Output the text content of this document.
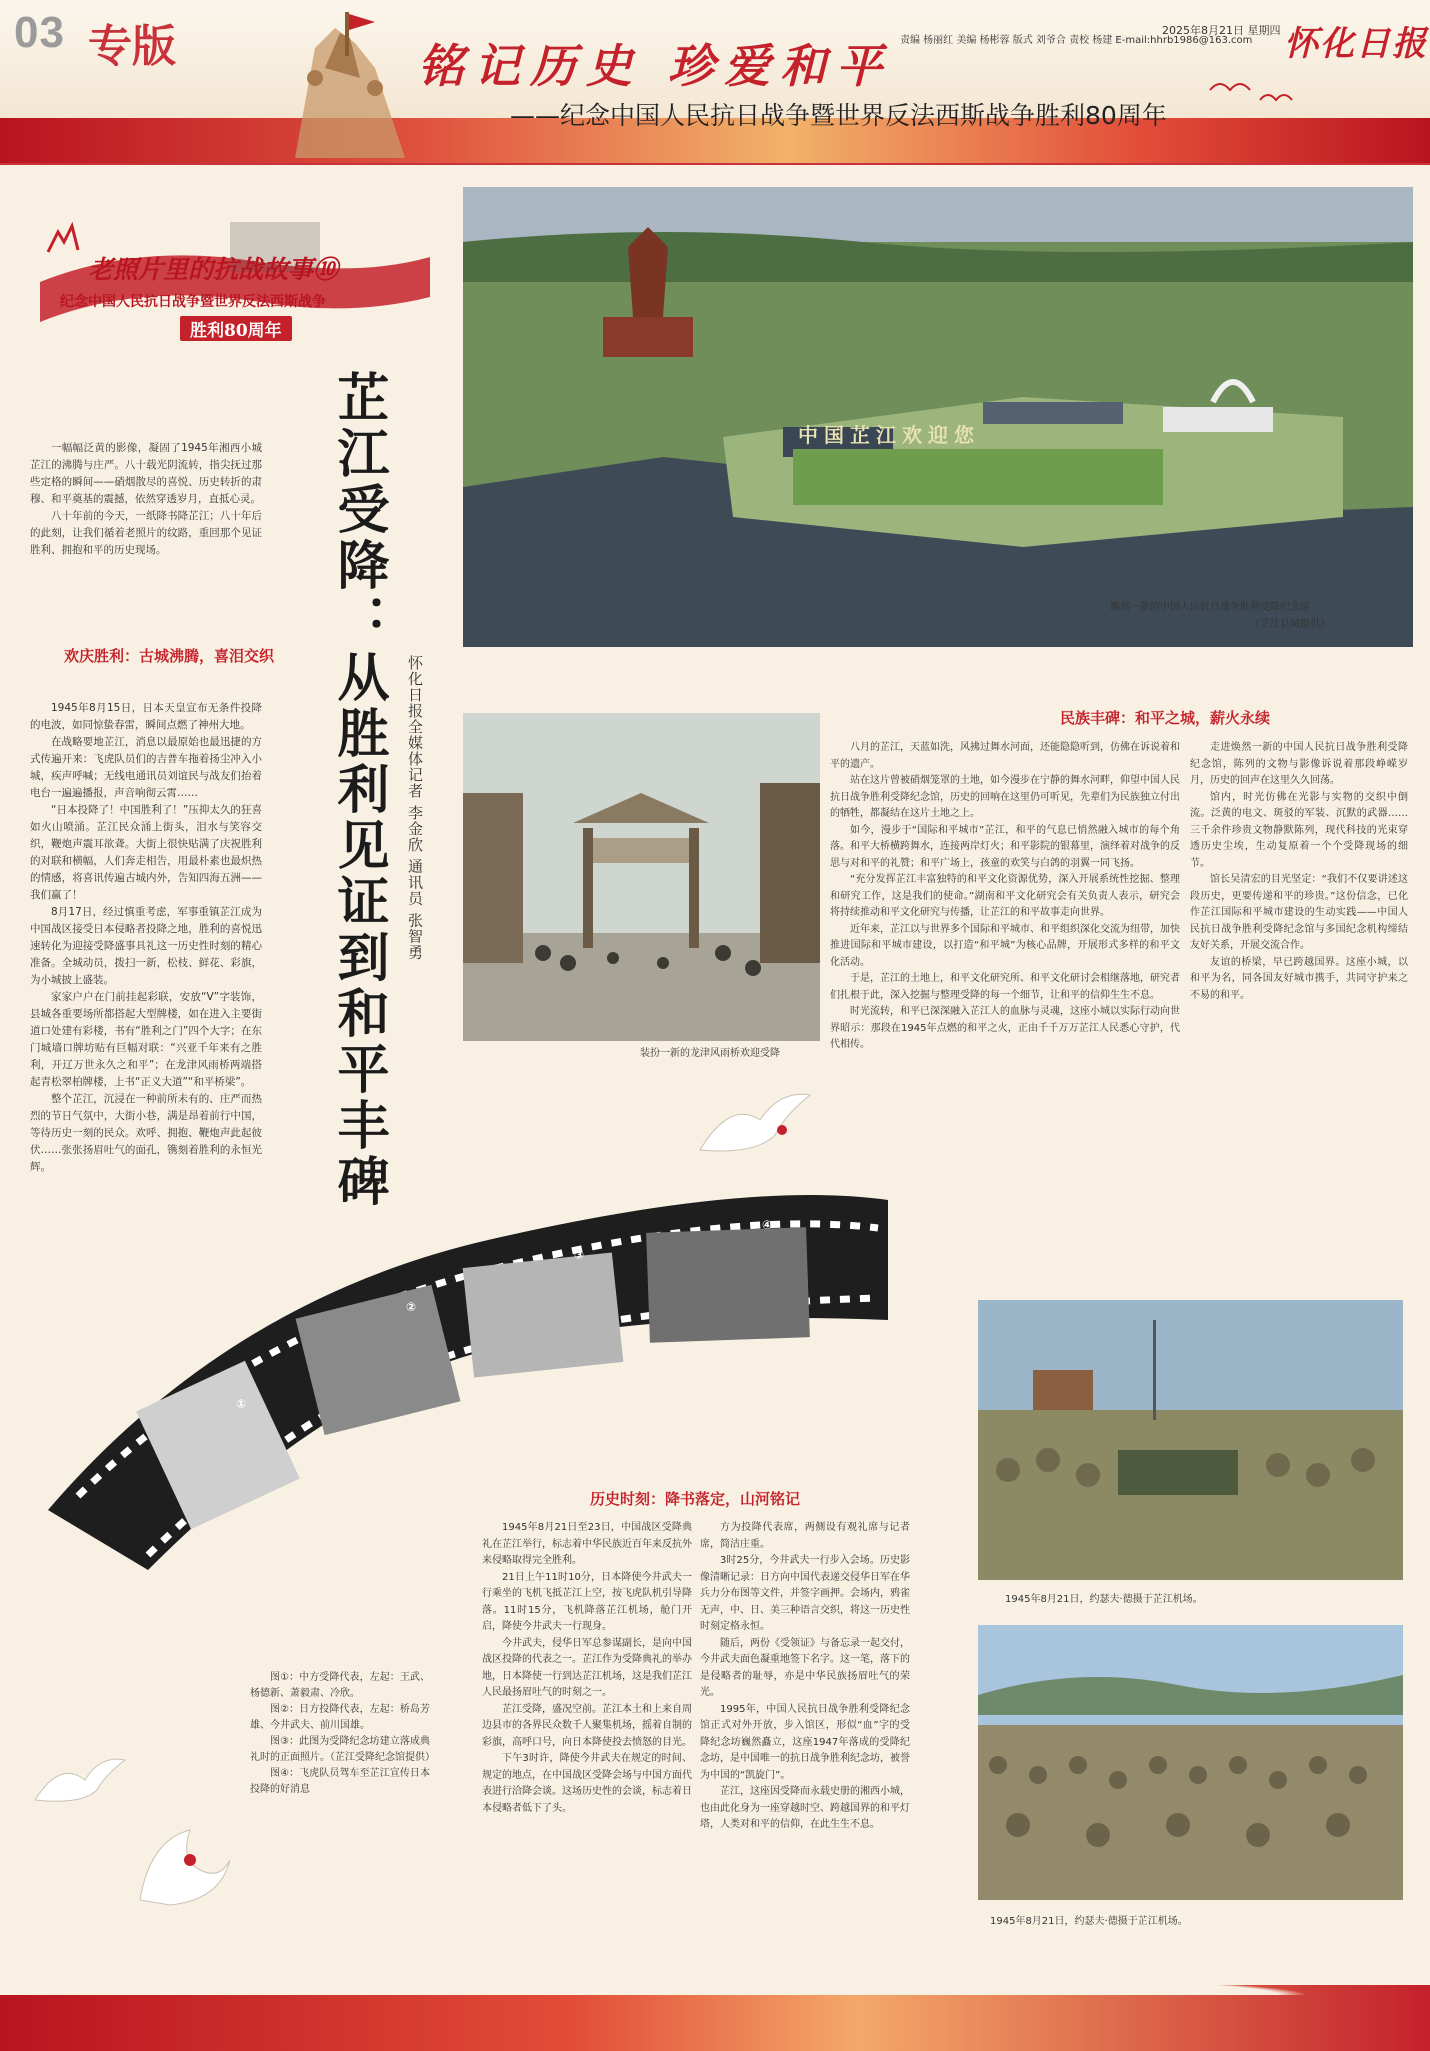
03 专版	铭记历史 珍爱和平
——纪念中国人民抗日战争暨世界反法西斯战争胜利80周年
2025年8月21日 星期四
责编 杨丽红 美编 杨彬蓉 版式 刘爷合 责校 杨建 E-mail:hhrb1986@163.com 怀化日报
老照片里的抗战故事⑩
纪念中国人民抗日战争暨世界反法西斯战争
胜利80周年
芷江受降：从胜利见证到和平丰碑	怀化日报全媒体记者 李金欣 通讯员 张智勇

一幅幅泛黄的影像，凝固了1945年湘西小城芷江的沸腾与庄严。八十载光阴流转，指尖抚过那些定格的瞬间——硝烟散尽的喜悦、历史转折的肃穆、和平奠基的震撼，依然穿透岁月，直抵心灵。

八十年前的今天，一纸降书降芷江；八十年后的此刻，让我们循着老照片的纹路，重回那个见证胜利、拥抱和平的历史现场。

欢庆胜利：古城沸腾，喜泪交织

1945年8月15日，日本天皇宣布无条件投降的电波，如同惊蛰春雷，瞬间点燃了神州大地。

在战略要地芷江，消息以最原始也最迅捷的方式传遍开来：飞虎队员们的吉普车拖着扬尘冲入小城，疾声呼喊；无线电通讯员刘谊民与战友们抬着电台一遍遍播报，声音响彻云霄……

“日本投降了！中国胜利了！”压抑太久的狂喜如火山喷涌。芷江民众涌上街头，泪水与笑容交织，鞭炮声震耳欲聋。大街上很快贴满了庆祝胜利的对联和横幅，人们奔走相告，用最朴素也最炽热的情感，将喜讯传遍古城内外，告知四海五洲——我们赢了！

8月17日，经过慎重考虑，军事重镇芷江成为中国战区接受日本侵略者投降之地，胜利的喜悦迅速转化为迎接受降盛事具礼这一历史性时刻的精心准备。全城动员，拨扫一新，松枝、鲜花、彩旗，为小城披上盛装。

家家户户在门前挂起彩联，安放“V”字装饰，县城各重要场所都搭起大型牌楼，如在进入主要街道口处建有彩楼，书有“胜利之门”四个大字；在东门城墙口牌坊贴有巨幅对联：“兴亚千年来有之胜利，开辽万世永久之和平”；在龙津风雨桥两端搭起青松翠柏牌楼，上书“正义大道”“和平桥梁”。

整个芷江，沉浸在一种前所未有的、庄严而热烈的节日气氛中，大街小巷，满是昂着前行中国，等待历史一刻的民众。欢呼、拥抱、鞭炮声此起彼伏……张张扬眉吐气的面孔，镌刻着胜利的永恒光辉。

中国芷江欢迎您
焕然一新的中国人民抗日战争胜利受降纪念馆
（芷江县城提供）
装扮一新的龙津风雨桥欢迎受降
民族丰碑：和平之城，薪火永续

八月的芷江，天蓝如洗，风拂过舞水河面，还能隐隐听到，仿佛在诉说着和平的遗产。

站在这片曾被硝烟笼罩的土地，如今漫步在宁静的舞水河畔，仰望中国人民抗日战争胜利受降纪念馆，历史的回响在这里仍可听见，先辈们为民族独立付出的牺牲，都凝结在这片土地之上。

如今，漫步于“国际和平城市”芷江，和平的气息已悄然融入城市的每个角落。和平大桥横跨舞水，连接两岸灯火；和平影院的银幕里，演绎着对战争的反思与对和平的礼赞；和平广场上，孩童的欢笑与白鸽的羽翼一同飞扬。

“充分发挥芷江丰富独特的和平文化资源优势，深入开展系统性挖掘、整理和研究工作，这是我们的使命。”湖南和平文化研究会有关负责人表示，研究会将持续推动和平文化研究与传播，让芷江的和平故事走向世界。

近年来，芷江以与世界多个国际和平城市、和平组织深化交流为纽带，加快推进国际和平城市建设，以打造“和平城”为核心品牌，开展形式多样的和平文化活动。

于是，芷江的土地上，和平文化研究所、和平文化研讨会相继落地，研究者们扎根于此，深入挖掘与整理受降的每一个细节，让和平的信仰生生不息。

时光流转，和平已深深融入芷江人的血脉与灵魂，这座小城以实际行动向世界昭示：那段在1945年点燃的和平之火，正由千千万万芷江人民悉心守护，代代相传。

走进焕然一新的中国人民抗日战争胜利受降纪念馆，陈列的文物与影像诉说着那段峥嵘岁月，历史的回声在这里久久回荡。

馆内，时光仿佛在光影与实物的交织中倒流。泛黄的电文、斑驳的军装、沉默的武器……三千余件珍贵文物静默陈列，现代科技的光束穿透历史尘埃，生动复原着一个个受降现场的细节。

馆长吴清宏的目光坚定：“我们不仅要讲述这段历史，更要传递和平的珍贵。”这份信念，已化作芷江国际和平城市建设的生动实践——中国人民抗日战争胜利受降纪念馆与多国纪念机构缔结友好关系，开展交流合作。

友谊的桥梁，早已跨越国界。这座小城，以和平为名，同各国友好城市携手，共同守护来之不易的和平。

①
②
③
④

图①：中方受降代表，左起：王武、杨德新、萧毅肃、冷欣。

图②：日方投降代表，左起：桥岛芳雄、今井武夫、前川国雄。

图③：此图为受降纪念坊建立落成典礼时的正面照片。（芷江受降纪念馆提供）

图④：飞虎队员驾车至芷江宣传日本投降的好消息

历史时刻：降书落定，山河铭记

1945年8月21日至23日，中国战区受降典礼在芷江举行，标志着中华民族近百年来反抗外来侵略取得完全胜利。

21日上午11时10分，日本降使今井武夫一行乘坐的飞机飞抵芷江上空，按飞虎队机引导降落。11时15分，飞机降落芷江机场，舱门开启，降使今井武夫一行现身。

今井武夫，侵华日军总参谋副长，是向中国战区投降的代表之一。芷江作为受降典礼的举办地，日本降使一行到达芷江机场，这是我们芷江人民最扬眉吐气的时刻之一。

芷江受降，盛况空前。芷江本土和上来自周边县市的各界民众数千人聚集机场，摇着自制的彩旗，高呼口号，向日本降使投去愤怒的目光。

下午3时许，降使今井武夫在规定的时间、规定的地点，在中国战区受降会场与中国方面代表进行洽降会谈。这场历史性的会谈，标志着日本侵略者低下了头。

方为投降代表席，两侧设有观礼席与记者席，简洁庄重。

3时25分，今井武夫一行步入会场。历史影像清晰记录：日方向中国代表递交侵华日军在华兵力分布图等文件，并签字画押。会场内，鸦雀无声，中、日、美三种语言交织，将这一历史性时刻定格永恒。

随后，两份《受领证》与备忘录一起交付，今井武夫面色凝重地签下名字。这一笔，落下的是侵略者的耻辱，亦是中华民族扬眉吐气的荣光。

1995年，中国人民抗日战争胜利受降纪念馆正式对外开放，步入馆区，形似“血”字的受降纪念坊巍然矗立，这座1947年落成的受降纪念坊，是中国唯一的抗日战争胜利纪念坊，被誉为中国的“凯旋门”。

芷江，这座因受降而永载史册的湘西小城，也由此化身为一座穿越时空、跨越国界的和平灯塔，人类对和平的信仰，在此生生不息。

1945年8月21日，约瑟夫·德摄于芷江机场。
1945年8月21日，约瑟夫·德摄于芷江机场。
